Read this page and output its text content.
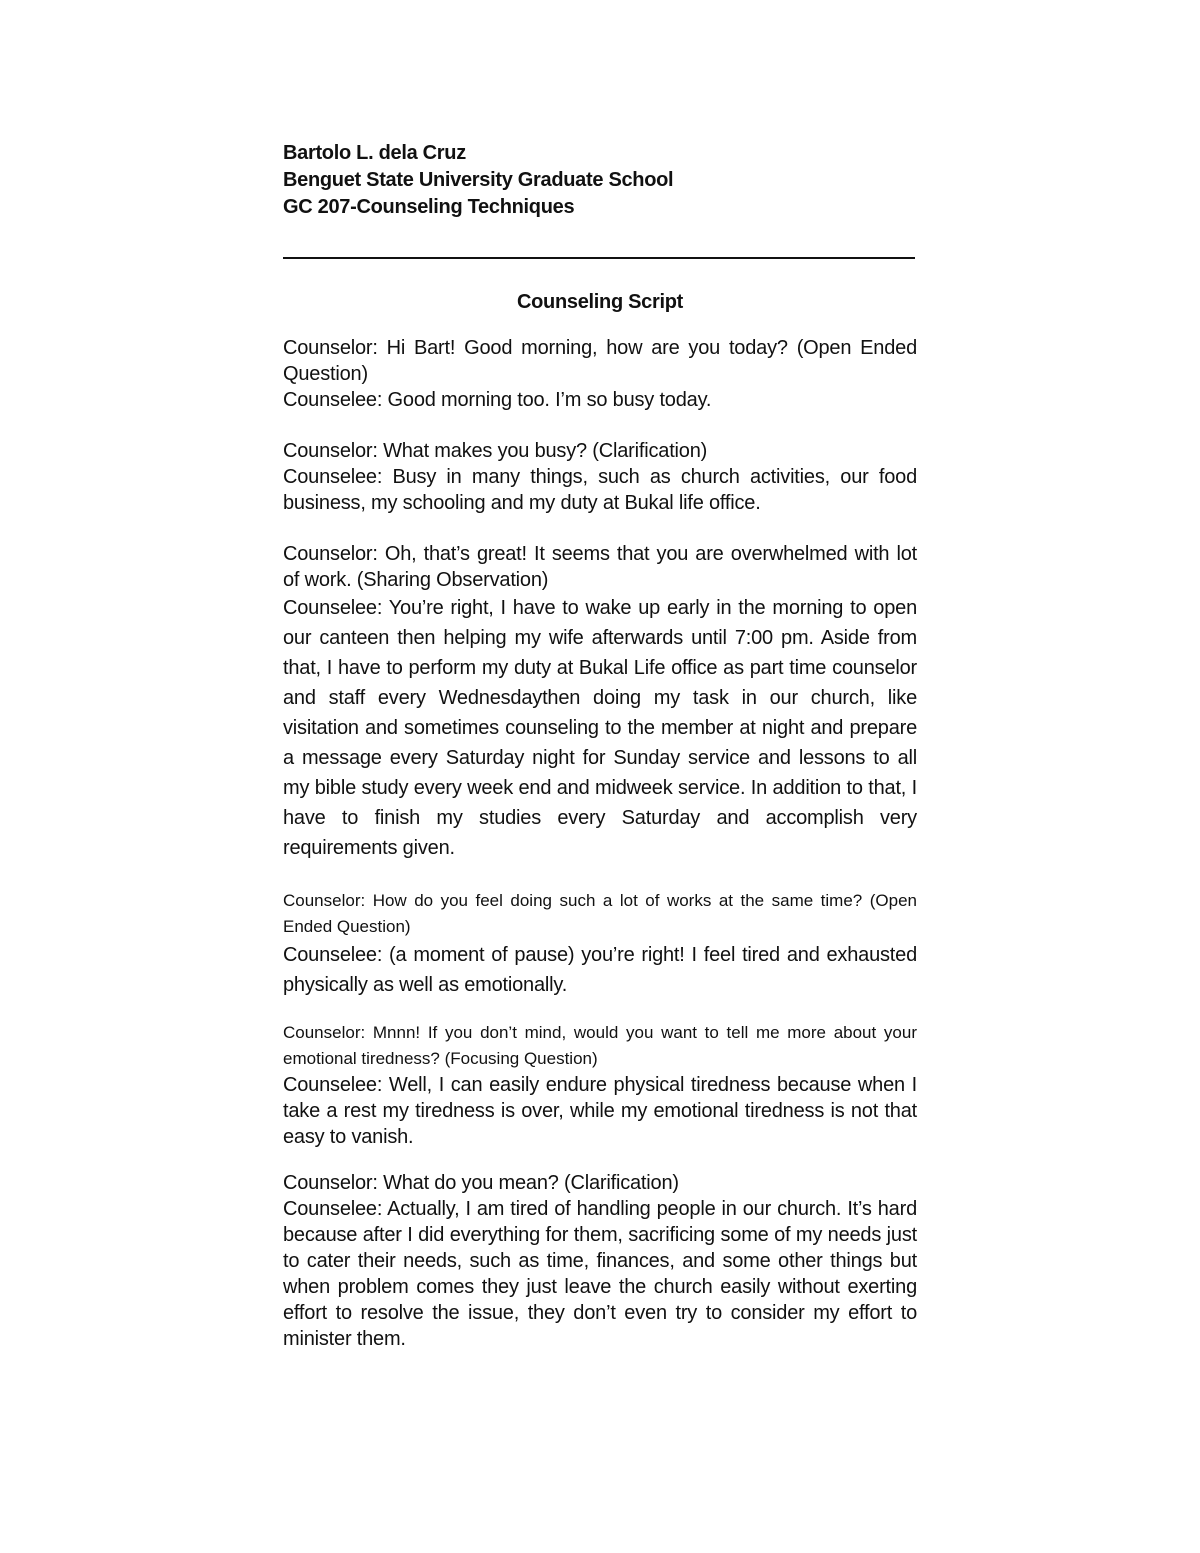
Bartolo L. dela Cruz

Benguet State University Graduate School

GC 207-Counseling Techniques

Counseling Script

Counselor: Hi Bart! Good morning, how are you today? (Open Ended Question)

Counselee: Good morning too. I’m so busy today.

Counselor: What makes you busy? (Clarification)

Counselee: Busy in many things, such as church activities, our food business, my schooling and my duty at Bukal life office.

Counselor: Oh, that’s great! It seems that you are overwhelmed with lot of work. (Sharing Observation)

Counselee: You’re right, I have to wake up early in the morning to open our canteen then helping my wife afterwards until 7:00 pm. Aside from that, I have to perform my duty at Bukal Life office as part time counselor and staff every Wednesdaythen doing my task in our church, like visitation and sometimes counseling to the member at night and prepare a message every Saturday night for Sunday service and lessons to all my bible study every week end and midweek service. In addition to that, I have to finish my studies every Saturday and accomplish very requirements given.

Counselor: How do you feel doing such a lot of works at the same time? (Open Ended Question)

Counselee: (a moment of pause) you’re right! I feel tired and exhausted physically as well as emotionally.

Counselor: Mnnn! If you don’t mind, would you want to tell me more about your emotional tiredness? (Focusing Question)

Counselee: Well, I can easily endure physical tiredness because when I take a rest my tiredness is over, while my emotional tiredness is not that easy to vanish.

Counselor: What do you mean? (Clarification)

Counselee: Actually, I am tired of handling people in our church. It’s hard because after I did everything for them, sacrificing some of my needs just to cater their needs, such as time, finances, and some other things but when problem comes they just leave the church easily without exerting effort to resolve the issue, they don’t even try to consider my effort to minister them.
